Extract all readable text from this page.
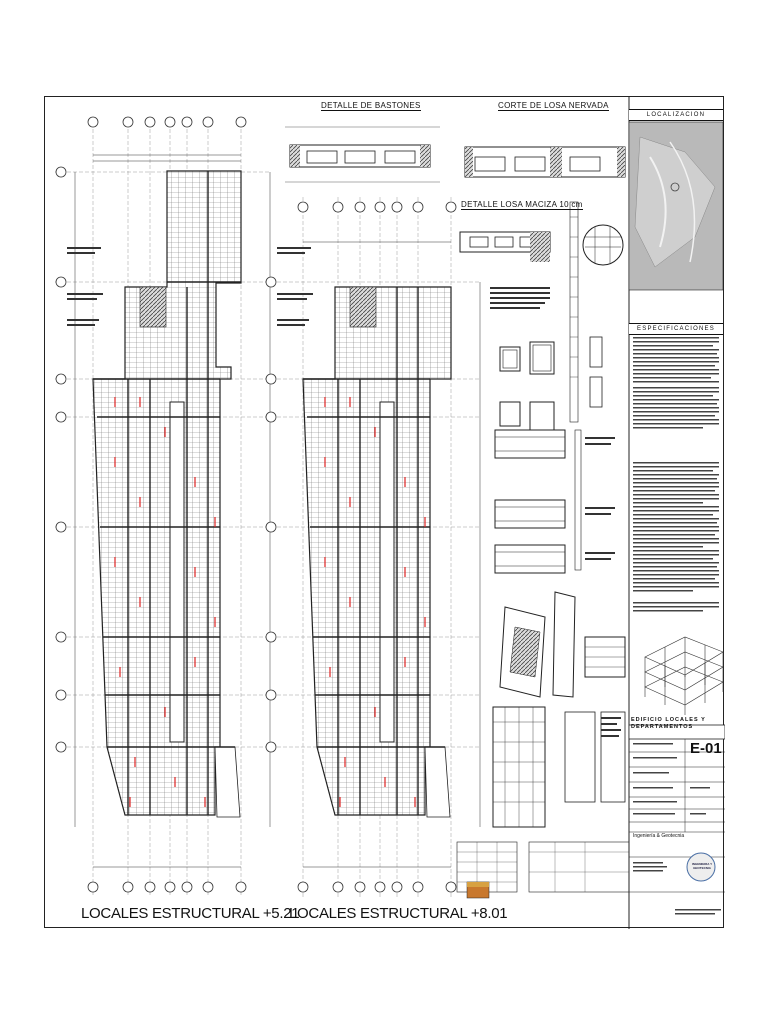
LOCALES ESTRUCTURAL +5.21
LOCALES ESTRUCTURAL +8.01
DETALLE DE BASTONES	CORTE DE LOSA NERVADA
DETALLE LOSA MACIZA 10 cm
LOCALIZACION
ESPECIFICACIONES
EDIFICIO LOCALES Y DEPARTAMENTOS
E-01
Ingeniería & Geotecnia
INGENIERIA Y GEOTECNIA
